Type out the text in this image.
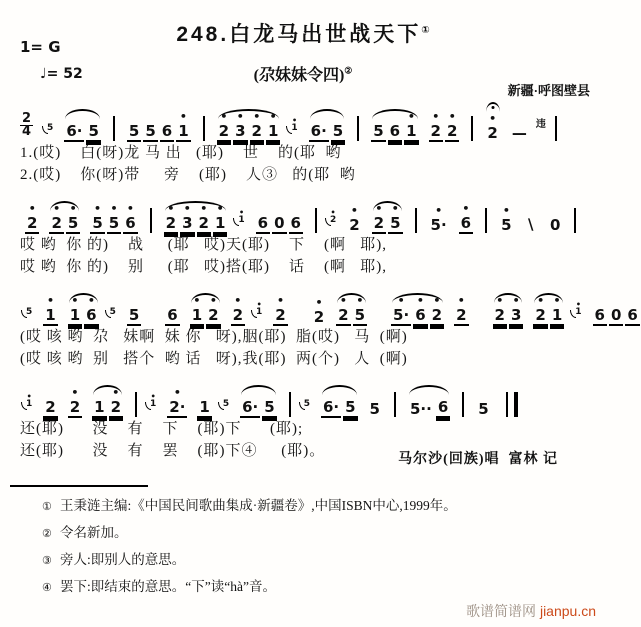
248.白龙马出世战天下①
1= G
♩= 52	(尕妹妹令四)②
新疆·呼图壁县
$\frac{2}{4} 5$ 6· 5 5 5 6 1
•
2
•
3
•
2
•
1
•
1
•
6· 5 5 6 1
•
2
•
2
•
2
•
— 违
1.(哎)    白(呀)龙 马 出   (耶)    世    的(耶  哟
2.(哎)    你(呀)带     旁    (耶)    人③   的(耶  哟
2
•
2
•
5
•
5
•
5
•
6
•
2
•
3
•
2
•
1
•
1
•
6 0 6	2
•
2
•
2
•
5
•
5·
•
6
•
5
•
∖ 0
哎 哟  你 的)    战     (耶   哎)天(耶)    下    (啊   耶),
哎 哟  你 的)    别     (耶   哎)搭(耶)    话    (啊   耶),
5 1
•
1
•
6
•
5 5 6 1
•
2
•
2
•
1
•
2
•
2
•
2
•
5
•
5·
•
6
•
2
•
2
•
2
•
3
•
2
•
1
•
1
•
6 0 6
(哎 咳 哟  尕   妹啊  妹 你   呀),胭(耶)  脂(哎)   马  (啊)
(哎 咳 哟  别   搭个  哟 话   呀),我(耶)  两(个)   人  (啊)
1
•
2 2
•
1 2
•
1
•
2·
•
1 5 6· 5	5 6· 5 5 5·· 6 5
还(耶)      没    有    下    (耶)下      (耶);
还(耶)      没    有    罢    (耶)下④     (耶)。
马尔沙(回族)唱  富林 记
① 王秉涟主编:《中国民间歌曲集成·新疆卷》,中国ISBN中心,1999年。
② 令名新加。
③ 旁人:即别人的意思。
④ 罢下:即结束的意思。“下”读“hà”音。
歌谱简谱网 jianpu.cn
